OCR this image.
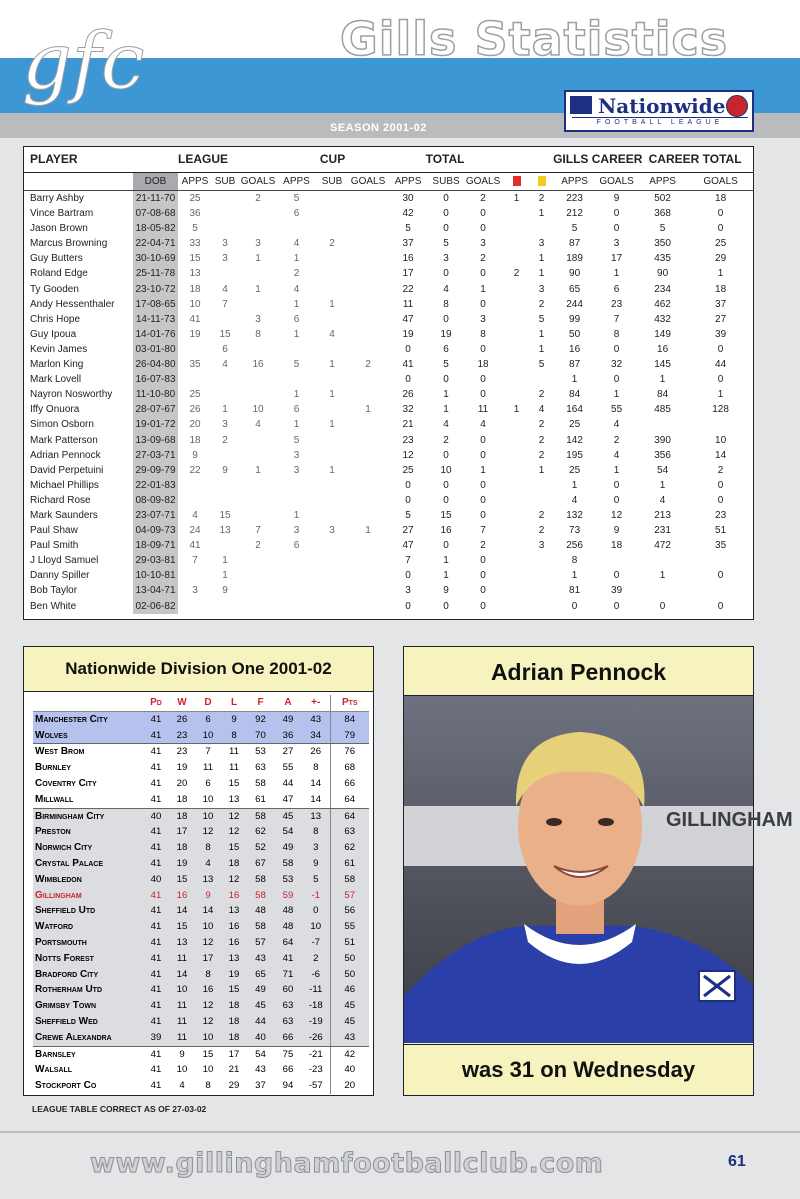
gfc	Gills Statistics
Nationwide
FOOTBALL LEAGUE
SEASON 2001-02
PLAYER	LEAGUE				CUP			TOTAL					GILLS CAREER		CAREER TOTAL	
	DOB	APPS	SUB	GOALS	APPS	SUB	GOALS	APPS	SUBS	GOALS			APPS	GOALS	APPS	GOALS
Barry Ashby	21-11-70	25		2	5			30	0	2	1	2	223	9	502	18
Vince Bartram	07-08-68	36			6			42	0	0		1	212	0	368	0
Jason Brown	18-05-82	5						5	0	0			5	0	5	0
Marcus Browning	22-04-71	33	3	3	4	2		37	5	3		3	87	3	350	25
Guy Butters	30-10-69	15	3	1	1			16	3	2		1	189	17	435	29
Roland Edge	25-11-78	13			2			17	0	0	2	1	90	1	90	1
Ty Gooden	23-10-72	18	4	1	4			22	4	1		3	65	6	234	18
Andy Hessenthaler	17-08-65	10	7		1	1		11	8	0		2	244	23	462	37
Chris Hope	14-11-73	41		3	6			47	0	3		5	99	7	432	27
Guy Ipoua	14-01-76	19	15	8	1	4		19	19	8		1	50	8	149	39
Kevin James	03-01-80		6					0	6	0		1	16	0	16	0
Marlon King	26-04-80	35	4	16	5	1	2	41	5	18		5	87	32	145	44
Mark Lovell	16-07-83							0	0	0			1	0	1	0
Nayron Nosworthy	11-10-80	25			1	1		26	1	0		2	84	1	84	1
Iffy Onuora	28-07-67	26	1	10	6		1	32	1	11	1	4	164	55	485	128
Simon Osborn	19-01-72	20	3	4	1	1		21	4	4		2	25	4		
Mark Patterson	13-09-68	18	2		5			23	2	0		2	142	2	390	10
Adrian Pennock	27-03-71	9			3			12	0	0		2	195	4	356	14
David Perpetuini	29-09-79	22	9	1	3	1		25	10	1		1	25	1	54	2
Michael Phillips	22-01-83							0	0	0			1	0	1	0
Richard Rose	08-09-82							0	0	0			4	0	4	0
Mark Saunders	23-07-71	4	15		1			5	15	0		2	132	12	213	23
Paul Shaw	04-09-73	24	13	7	3	3	1	27	16	7		2	73	9	231	51
Paul Smith	18-09-71	41		2	6			47	0	2		3	256	18	472	35
J Lloyd Samuel	29-03-81	7	1					7	1	0			8			
Danny Spiller	10-10-81		1					0	1	0			1	0	1	0
Bob Taylor	13-04-71	3	9					3	9	0			81	39		
Ben White	02-06-82							0	0	0			0	0	0	0
Nationwide Division One 2001-02
	Pd	W	D	L	F	A	+-	Pts
Manchester City	41	26	6	9	92	49	43	84
Wolves	41	23	10	8	70	36	34	79
West Brom	41	23	7	11	53	27	26	76
Burnley	41	19	11	11	63	55	8	68
Coventry City	41	20	6	15	58	44	14	66
Millwall	41	18	10	13	61	47	14	64
Birmingham City	40	18	10	12	58	45	13	64
Preston	41	17	12	12	62	54	8	63
Norwich City	41	18	8	15	52	49	3	62
Crystal Palace	41	19	4	18	67	58	9	61
Wimbledon	40	15	13	12	58	53	5	58
Gillingham	41	16	9	16	58	59	-1	57
Sheffield Utd	41	14	14	13	48	48	0	56
Watford	41	15	10	16	58	48	10	55
Portsmouth	41	13	12	16	57	64	-7	51
Notts Forest	41	11	17	13	43	41	2	50
Bradford City	41	14	8	19	65	71	-6	50
Rotherham Utd	41	10	16	15	49	60	-11	46
Grimsby Town	41	11	12	18	45	63	-18	45
Sheffield Wed	41	11	12	18	44	63	-19	45
Crewe Alexandra	39	11	10	18	40	66	-26	43
Barnsley	41	9	15	17	54	75	-21	42
Walsall	41	10	10	21	43	66	-23	40
Stockport Co	41	4	8	29	37	94	-57	20
LEAGUE TABLE CORRECT AS OF 27-03-02
Adrian Pennock
GILLINGHAM
was 31 on Wednesday
www.gillinghamfootballclub.com	61
